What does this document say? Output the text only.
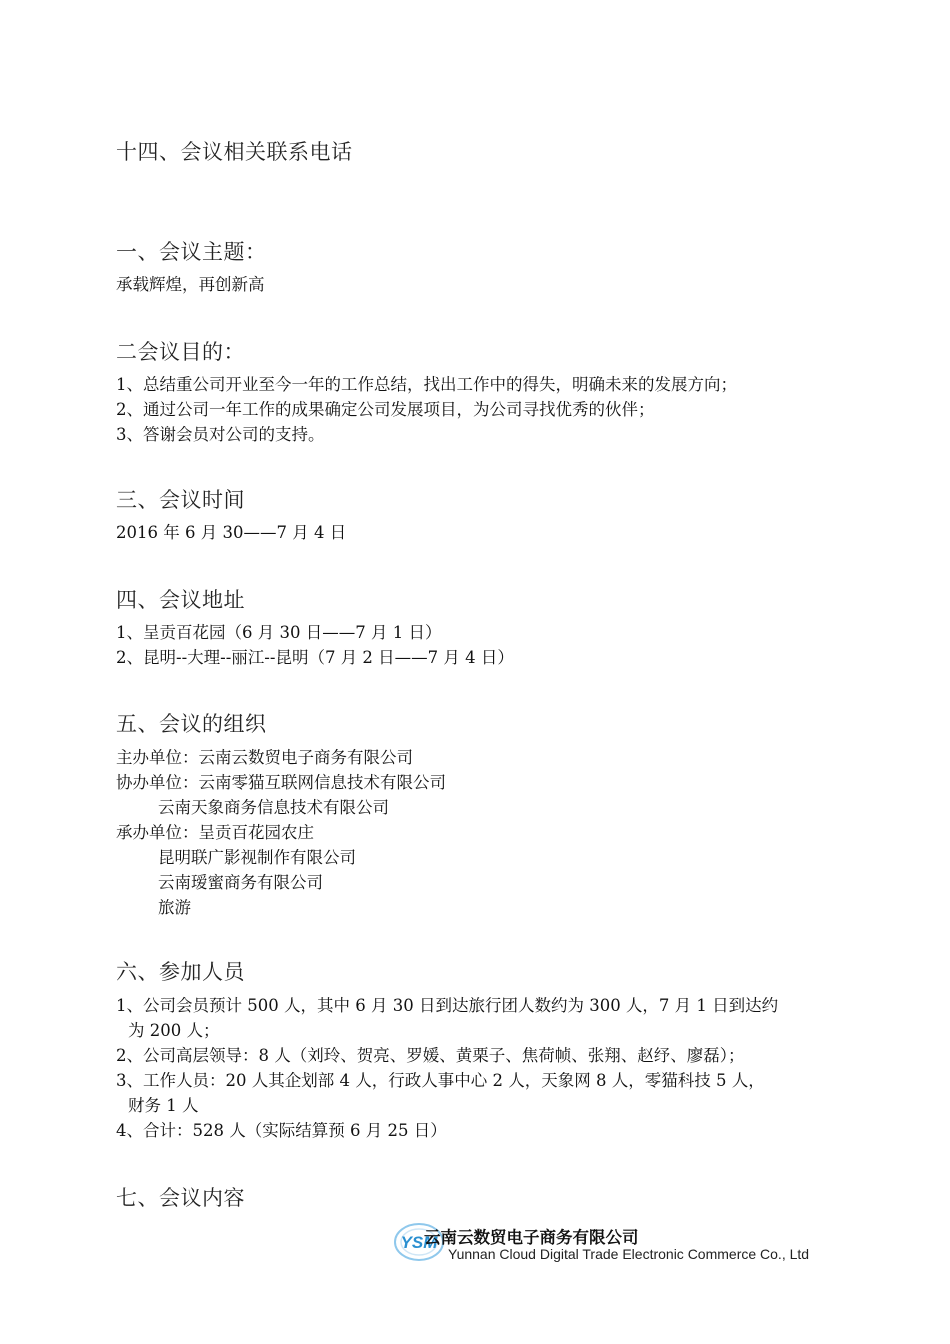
十四、会议相关联系电话
一、会议主题：
承载辉煌，再创新高
二会议目的：
1、总结重公司开业至今一年的工作总结，找出工作中的得失，明确未来的发展方向；
2、通过公司一年工作的成果确定公司发展项目，为公司寻找优秀的伙伴；
3、答谢会员对公司的支持。
三、会议时间
2016 年 6 月 30——7 月 4 日
四、会议地址
1、呈贡百花园（6 月 30 日——7 月 1 日）
2、昆明--大理--丽江--昆明（7 月 2 日——7 月 4 日）
五、会议的组织
主办单位：云南云数贸电子商务有限公司
协办单位：云南零猫互联网信息技术有限公司
云南天象商务信息技术有限公司
承办单位：呈贡百花园农庄
昆明联广影视制作有限公司
云南瑷蜜商务有限公司
旅游
六、参加人员
1、公司会员预计 500 人，其中 6 月 30 日到达旅行团人数约为 300 人，7 月 1 日到达约
为 200 人；
2、公司高层领导：8 人（刘玲、贺亮、罗媛、黄栗子、焦荷帧、张翔、赵纾、廖磊）；
3、工作人员：20 人其企划部 4 人，行政人事中心 2 人，天象网 8 人，零猫科技 5 人，
财务 1 人
4、合计：528 人（实际结算预 6 月 25 日）
七、会议内容
YSM
云南云数贸电子商务有限公司
Yunnan Cloud Digital Trade Electronic Commerce Co., Ltd
